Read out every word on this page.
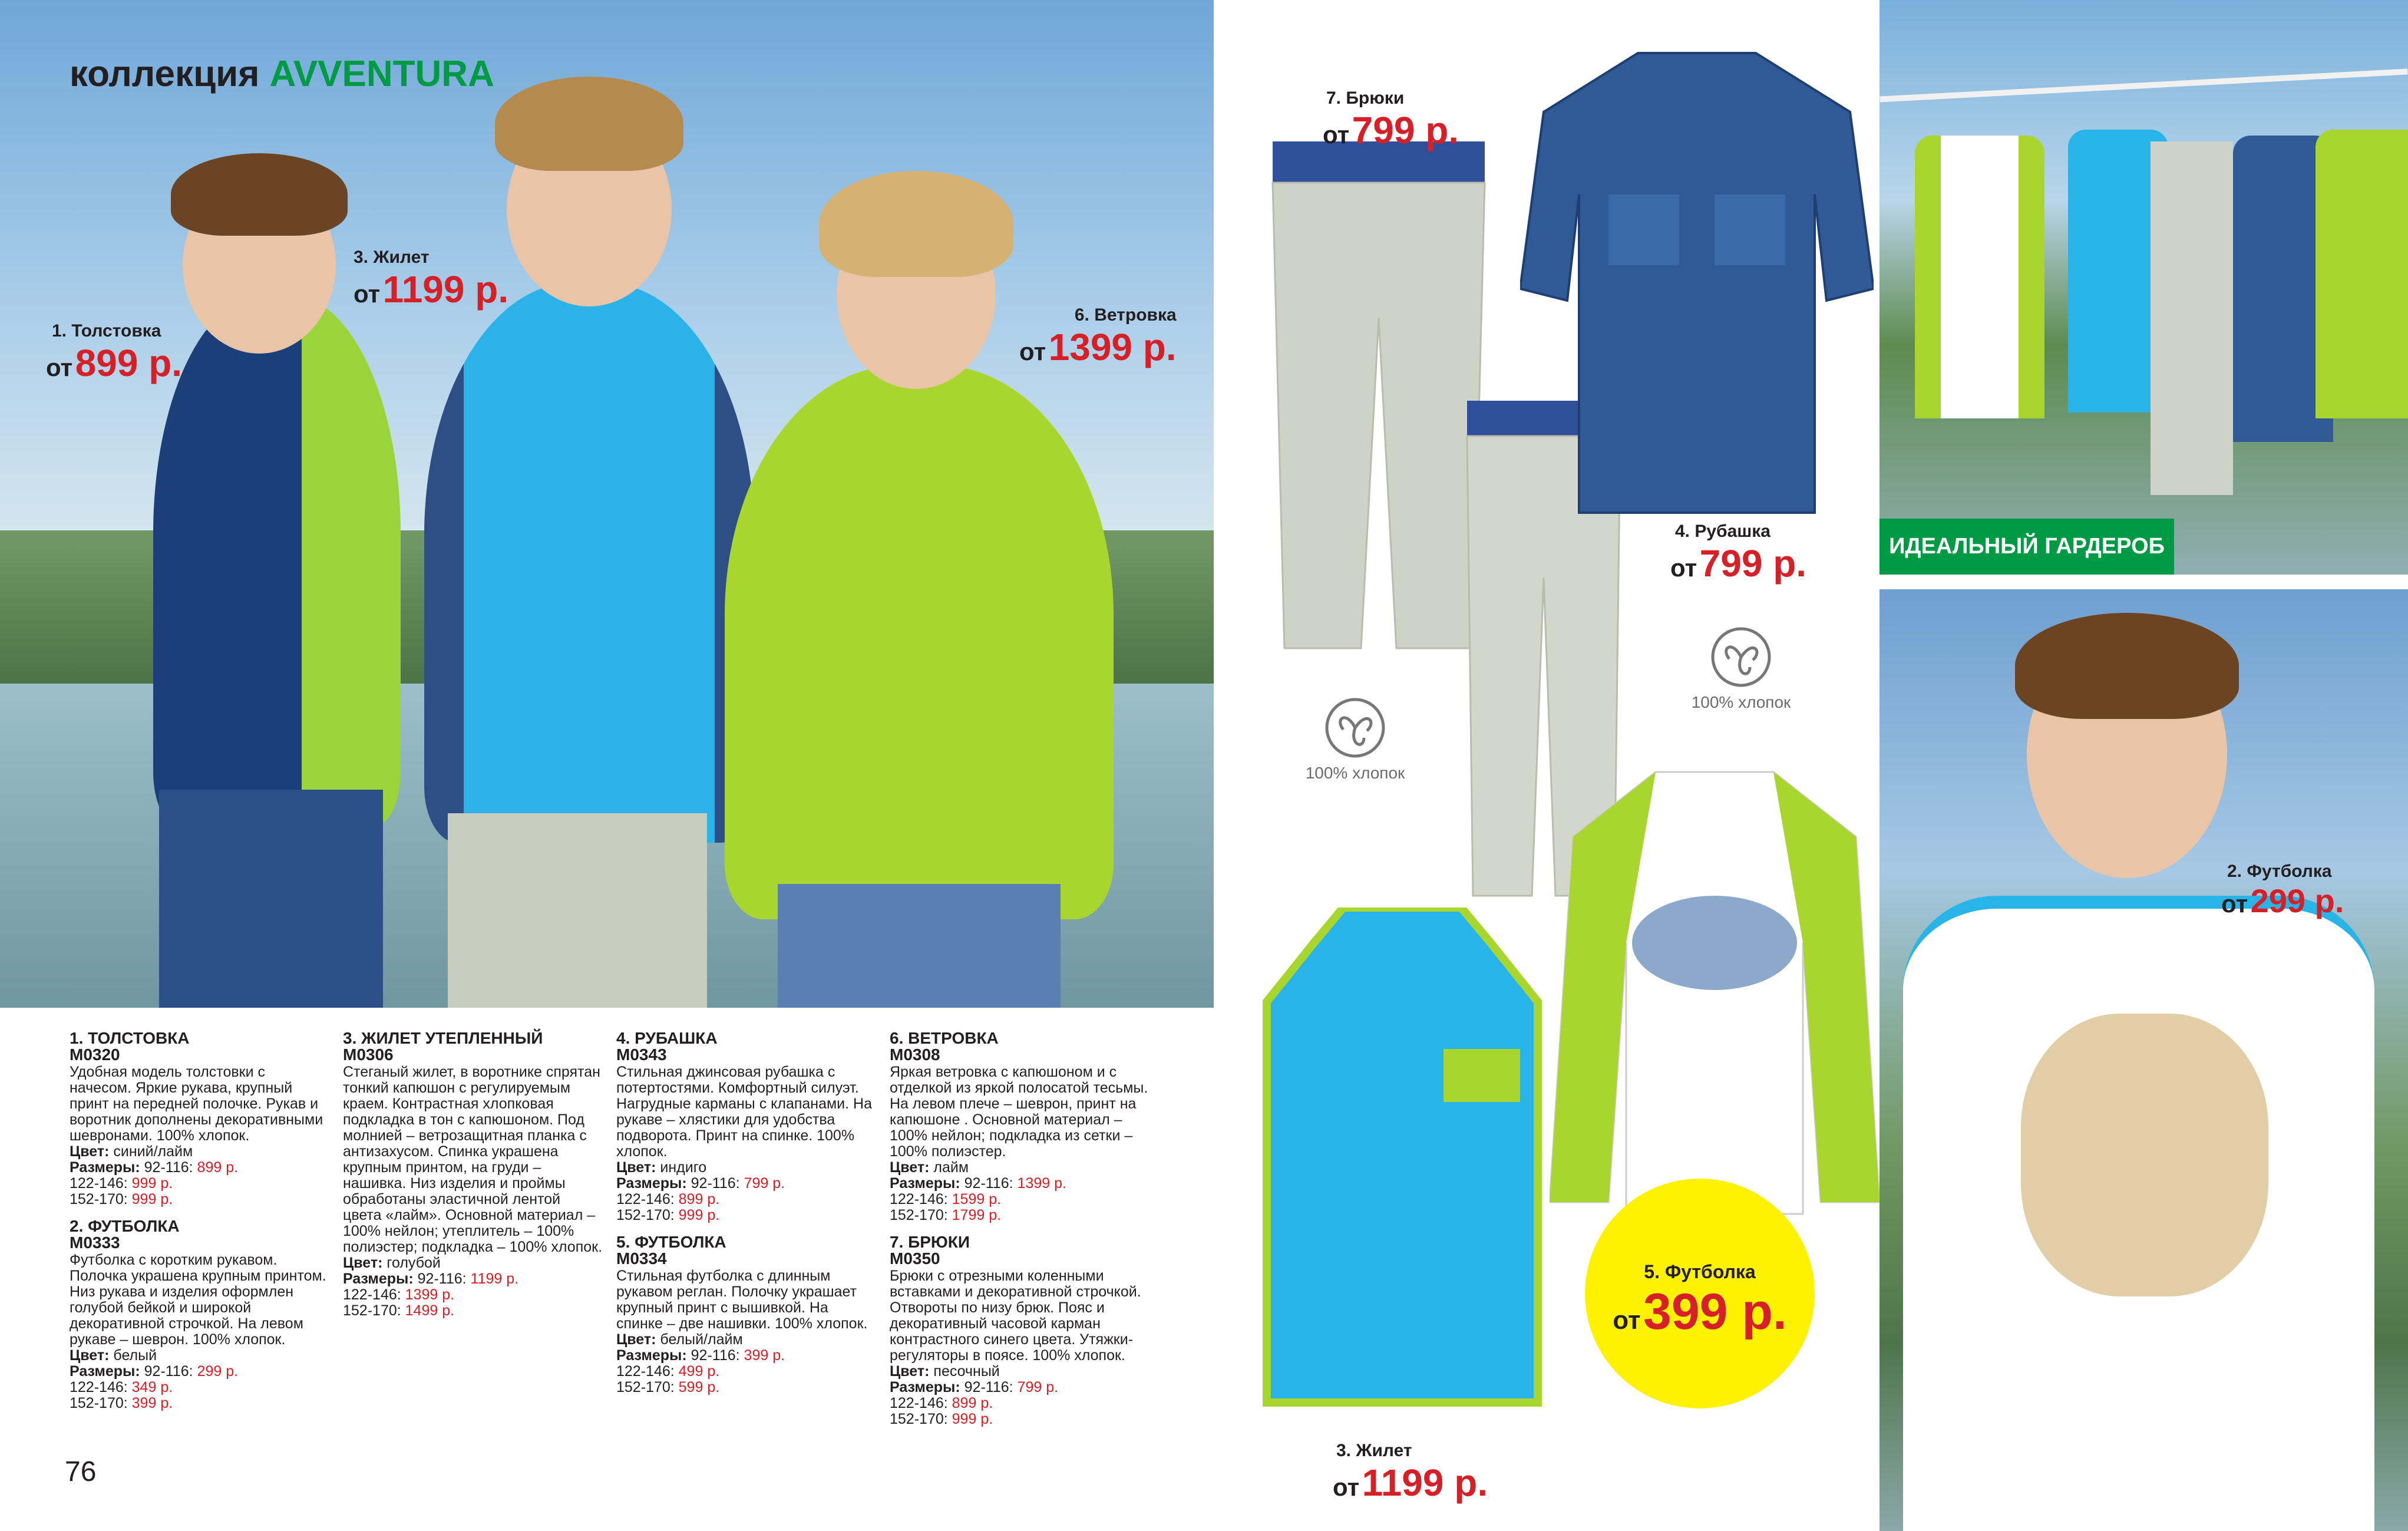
коллекция AVVENTURA
1. Толстовка
от 899 р.
3. Жилет
от 1199 р.
6. Ветровка
от 1399 р.
1. ТОЛСТОВКА
M0320
Удобная модель толстовки с начесом. Яркие рукава, крупный принт на передней полочке. Рукав и воротник дополнены декоративными шевронами. 100% хлопок.
Цвет: синий/лайм
Размеры: 92-116: 899 р.
122-146: 999 р.
152-170: 999 р.
2. ФУТБОЛКА
M0333
Футболка с коротким рукавом. Полочка украшена крупным принтом. Низ рукава и изделия оформлен голубой бейкой и широкой декоративной строчкой. На левом рукаве – шеврон. 100% хлопок.
Цвет: белый
Размеры: 92-116: 299 р.
122-146: 349 р.
152-170: 399 р.
3. ЖИЛЕТ УТЕПЛЕННЫЙ
M0306
Стеганый жилет, в воротнике спрятан тонкий капюшон с регулируемым краем. Контрастная хлопковая подкладка в тон с капюшоном. Под молнией – ветрозащитная планка с антизахусом. Спинка украшена крупным принтом, на груди – нашивка. Низ изделия и проймы обработаны эластичной лентой цвета «лайм». Основной материал – 100% нейлон; утеплитель – 100% полиэстер; подкладка – 100% хлопок.
Цвет: голубой
Размеры: 92-116: 1199 р.
122-146: 1399 р.
152-170: 1499 р.
4. РУБАШКА
M0343
Стильная джинсовая рубашка с потертостями. Комфортный силуэт. Нагрудные карманы с клапанами. На рукаве – хлястики для удобства подворота. Принт на спинке. 100% хлопок.
Цвет: индиго
Размеры: 92-116: 799 р.
122-146: 899 р.
152-170: 999 р.
5. ФУТБОЛКА
M0334
Стильная футболка с длинным рукавом реглан. Полочку украшает крупный принт с вышивкой. На спинке – две нашивки. 100% хлопок.
Цвет: белый/лайм
Размеры: 92-116: 399 р.
122-146: 499 р.
152-170: 599 р.
6. ВЕТРОВКА
M0308
Яркая ветровка с капюшоном и с отделкой из яркой полосатой тесьмы. На левом плече – шеврон, принт на капюшоне . Основной материал – 100% нейлон; подкладка из сетки –100% полиэстер.
Цвет: лайм
Размеры: 92-116: 1399 р.
122-146: 1599 р.
152-170: 1799 р.
7. БРЮКИ
M0350
Брюки с отрезными коленными вставками и декоративной строчкой. Отвороты по низу брюк. Пояс и декоративный часовой карман контрастного синего цвета. Утяжки-регуляторы в поясе. 100% хлопок.
Цвет: песочный
Размеры: 92-116: 799 р.
122-146: 899 р.
152-170: 999 р.
76
100% хлопок
100% хлопок
7. Брюки
от 799 р.
4. Рубашка
от 799 р.
3. Жилет
от 1199 р.
5. Футболка
от 399 р.
ИДЕАЛЬНЫЙ ГАРДЕРОБ
2. Футболка
от 299 р.
